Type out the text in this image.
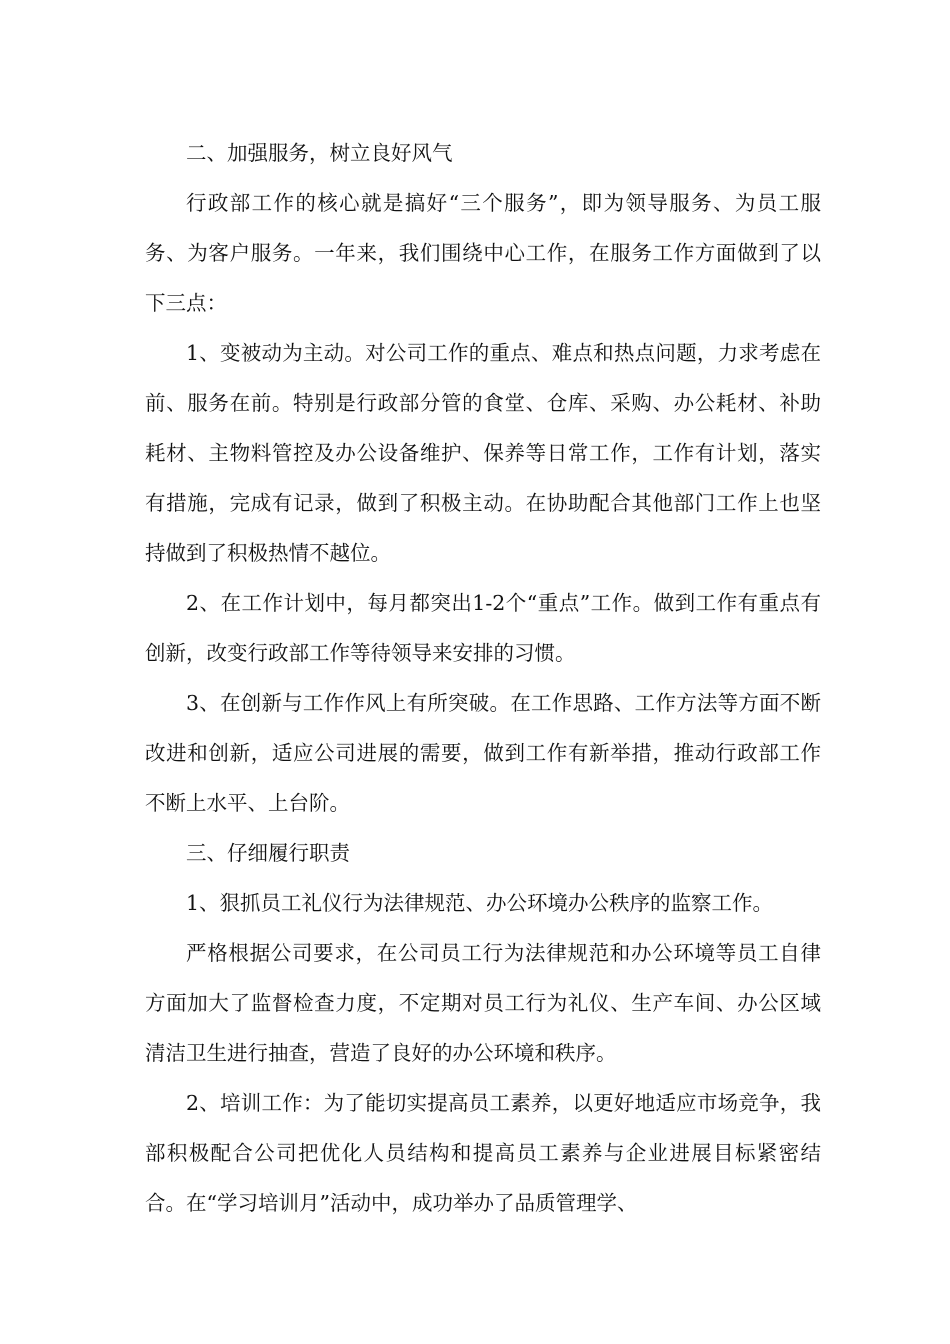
二、加强服务，树立良好风气

行政部工作的核心就是搞好“三个服务”，即为领导服务、为员工服务、为客户服务。一年来，我们围绕中心工作，在服务工作方面做到了以下三点：

1、变被动为主动。对公司工作的重点、难点和热点问题，力求考虑在前、服务在前。特别是行政部分管的食堂、仓库、采购、办公耗材、补助耗材、主物料管控及办公设备维护、保养等日常工作，工作有计划，落实有措施，完成有记录，做到了积极主动。在协助配合其他部门工作上也坚持做到了积极热情不越位。

2、在工作计划中，每月都突出1-2个“重点”工作。做到工作有重点有创新，改变行政部工作等待领导来安排的习惯。

3、在创新与工作作风上有所突破。在工作思路、工作方法等方面不断改进和创新，适应公司进展的需要，做到工作有新举措，推动行政部工作不断上水平、上台阶。

三、仔细履行职责

1、狠抓员工礼仪行为法律规范、办公环境办公秩序的监察工作。

严格根据公司要求，在公司员工行为法律规范和办公环境等员工自律方面加大了监督检查力度，不定期对员工行为礼仪、生产车间、办公区域清洁卫生进行抽查，营造了良好的办公环境和秩序。

2、培训工作：为了能切实提高员工素养，以更好地适应市场竞争，我部积极配合公司把优化人员结构和提高员工素养与企业进展目标紧密结合。在“学习培训月”活动中，成功举办了品质管理学、
